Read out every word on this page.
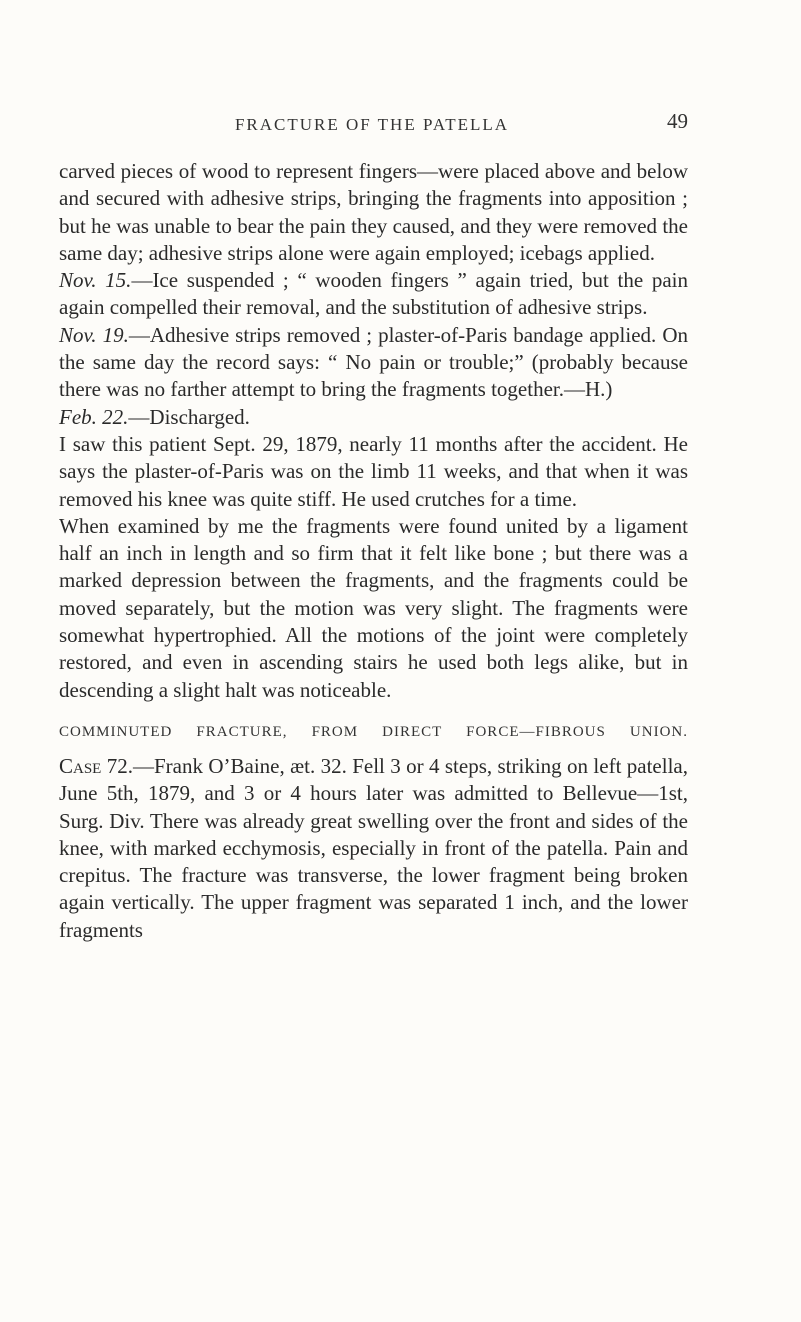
FRACTURE OF THE PATELLA	49

carved pieces of wood to represent fingers—were placed above and below and secured with adhesive strips, bringing the fragments into apposition ; but he was unable to bear the pain they caused, and they were removed the same day; adhesive strips alone were again employed; icebags applied.

Nov. 15.—Ice suspended ; “ wooden fingers ” again tried, but the pain again compelled their removal, and the substitution of adhesive strips.

Nov. 19.—Adhesive strips removed ; plaster-of-Paris bandage applied. On the same day the record says: “ No pain or trouble;” (probably because there was no farther attempt to bring the fragments together.—H.)

Feb. 22.—Discharged.

I saw this patient Sept. 29, 1879, nearly 11 months after the accident. He says the plaster-of-Paris was on the limb 11 weeks, and that when it was removed his knee was quite stiff. He used crutches for a time.

When examined by me the fragments were found united by a ligament half an inch in length and so firm that it felt like bone ; but there was a marked depression between the fragments, and the fragments could be moved separately, but the motion was very slight. The fragments were somewhat hypertrophied. All the motions of the joint were completely restored, and even in ascending stairs he used both legs alike, but in descending a slight halt was noticeable.

COMMINUTED FRACTURE, FROM DIRECT FORCE—FIBROUS UNION.

Case 72.—Frank O’Baine, æt. 32. Fell 3 or 4 steps, striking on left patella, June 5th, 1879, and 3 or 4 hours later was admitted to Bellevue—1st, Surg. Div. There was already great swelling over the front and sides of the knee, with marked ecchymosis, especially in front of the patella. Pain and crepitus. The fracture was transverse, the lower fragment being broken again vertically. The upper fragment was separated 1 inch, and the lower fragments
